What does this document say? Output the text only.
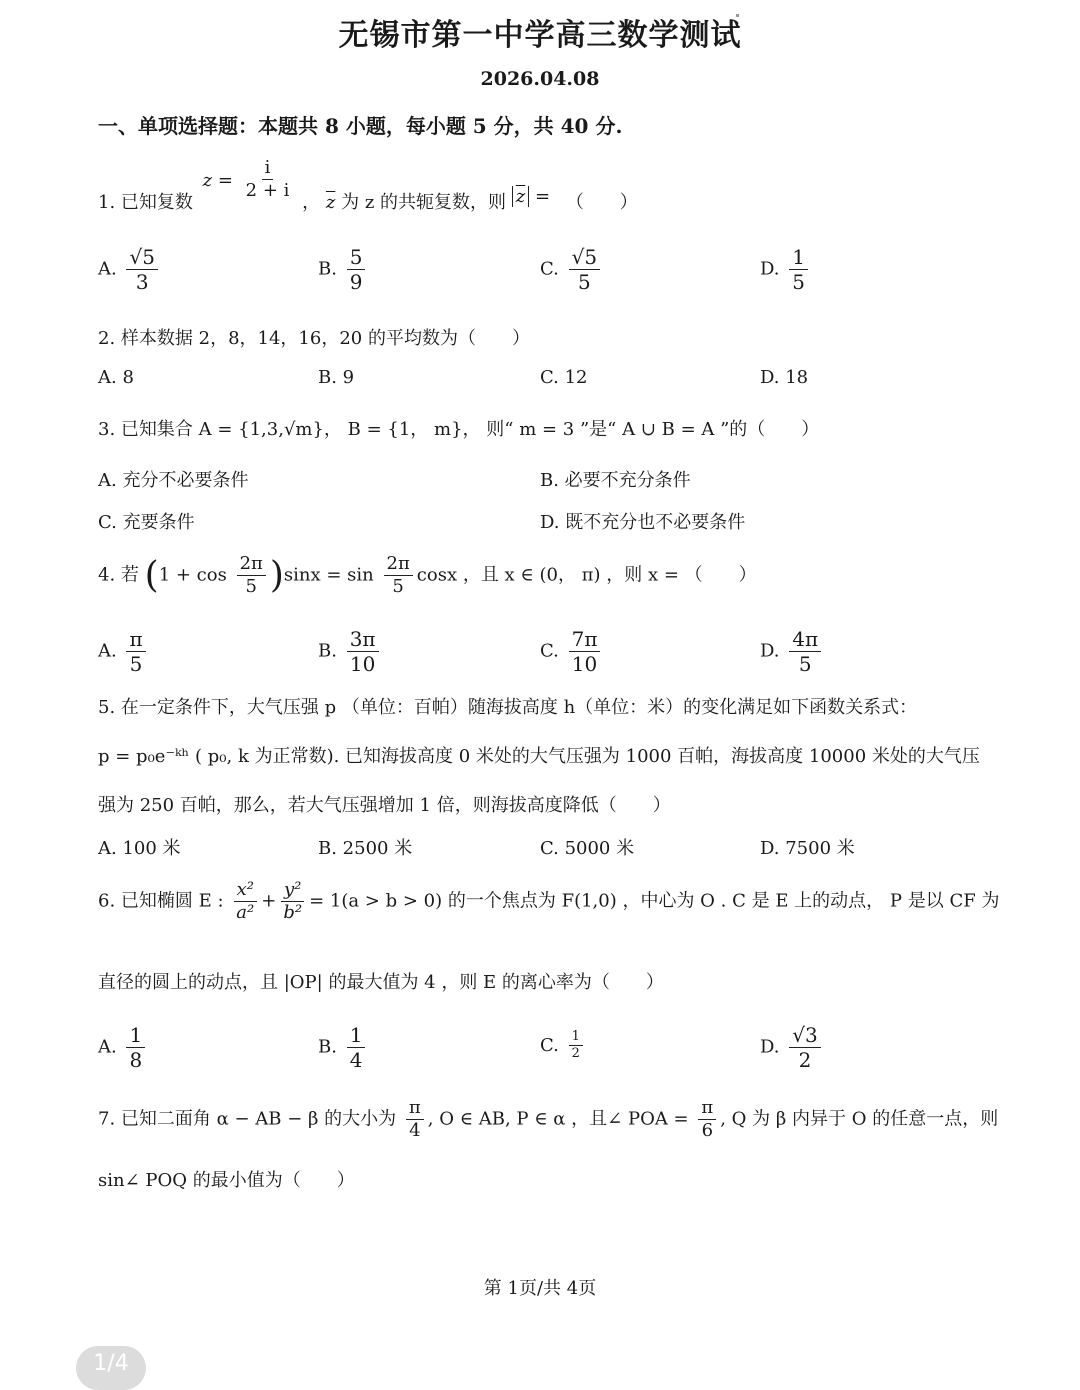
无锡市第一中学高三数学测试
2026.04.08
一、单项选择题：本题共 8 小题，每小题 5 分，共 40 分.
1. 已知复数 $z = \frac{i}{2 + i}$
， $\overline{z}$ 为 z 的共轭复数，则 $\overline{z}$ = （　　）
A. $\frac{√5}{3}$	B. $\frac{5}{9}$	C. $\frac{√5}{5}$	D. $\frac{1}{5}$
2. 样本数据 2，8，14，16，20 的平均数为（　　）
A. 8	B. 9	C. 12	D. 18
3. 已知集合 A = {1,3,√m}， B = {1， m}， 则“ m = 3 ”是“ A ∪ B = A ”的（　　）
A. 充分不必要条件	B. 必要不充分条件
C. 充要条件	D. 既不充分也不必要条件
4. 若 $(1 + \cos \frac{2\pi}{5} )\sin x = \sin \frac{2\pi}{5}$ cosx ，且 x ∈ (0， π) ，则 x = （　　）
A. $\frac{\pi}{5}$	B. $\frac{3\pi}{10}$	C. $\frac{7\pi}{10}$	D. $\frac{4\pi}{5}$
5. 在一定条件下，大气压强 p （单位：百帕）随海拔高度 h（单位：米）的变化满足如下函数关系式：
p = p₀e⁻ᵏʰ ( p₀, k 为正常数). 已知海拔高度 0 米处的大气压强为 1000 百帕，海拔高度 10000 米处的大气压
强为 250 百帕，那么，若大气压强增加 1 倍，则海拔高度降低（　　）
A. 100 米	B. 2500 米	C. 5000 米	D. 7500 米
6. 已知椭圆 E : $\frac{\text{x²}}{\text{a²}} + \frac{\text{y²}}{\text{b²}} = 1(a > b > 0)$ 的一个焦点为 F(1,0) ，中心为 O . C 是 E 上的动点， P 是以 CF 为
直径的圆上的动点，且 |OP| 的最大值为 4 ，则 E 的离心率为（　　）
A. $\frac{1}{8}$	B. $\frac{1}{4}$	C. $\frac{1}{2}$	D. $\frac{√3}{2}$
7. 已知二面角 α − AB − β 的大小为 $\frac{\pi}{4}$ , O ∈ AB, P ∈ α ，且∠ POA = $\frac{\pi}{6}$ , Q 为 β 内异于 O 的任意一点，则
sin∠ POQ 的最小值为（　　）
第 1页/共 4页
1/4
